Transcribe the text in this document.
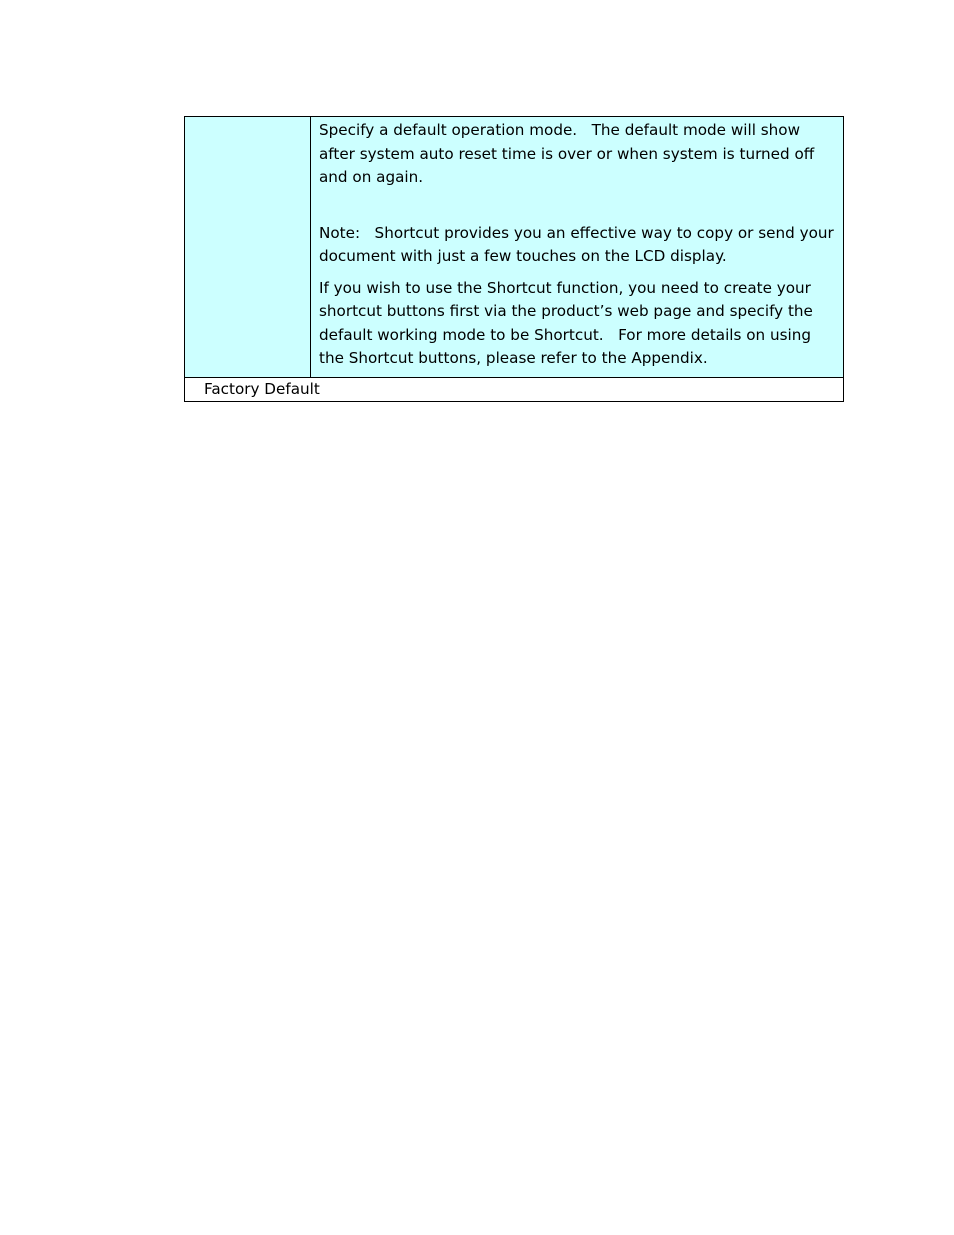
Specify a default operation mode.   The default mode will show after system auto reset time is over or when system is turned off and on again.

Note:   Shortcut provides you an effective way to copy or send your document with just a few touches on the LCD display.

If you wish to use the Shortcut function, you need to create your shortcut buttons first via the product’s web page and specify the default working mode to be Shortcut.   For more details on using the Shortcut buttons, please refer to the Appendix.

Factory Default
